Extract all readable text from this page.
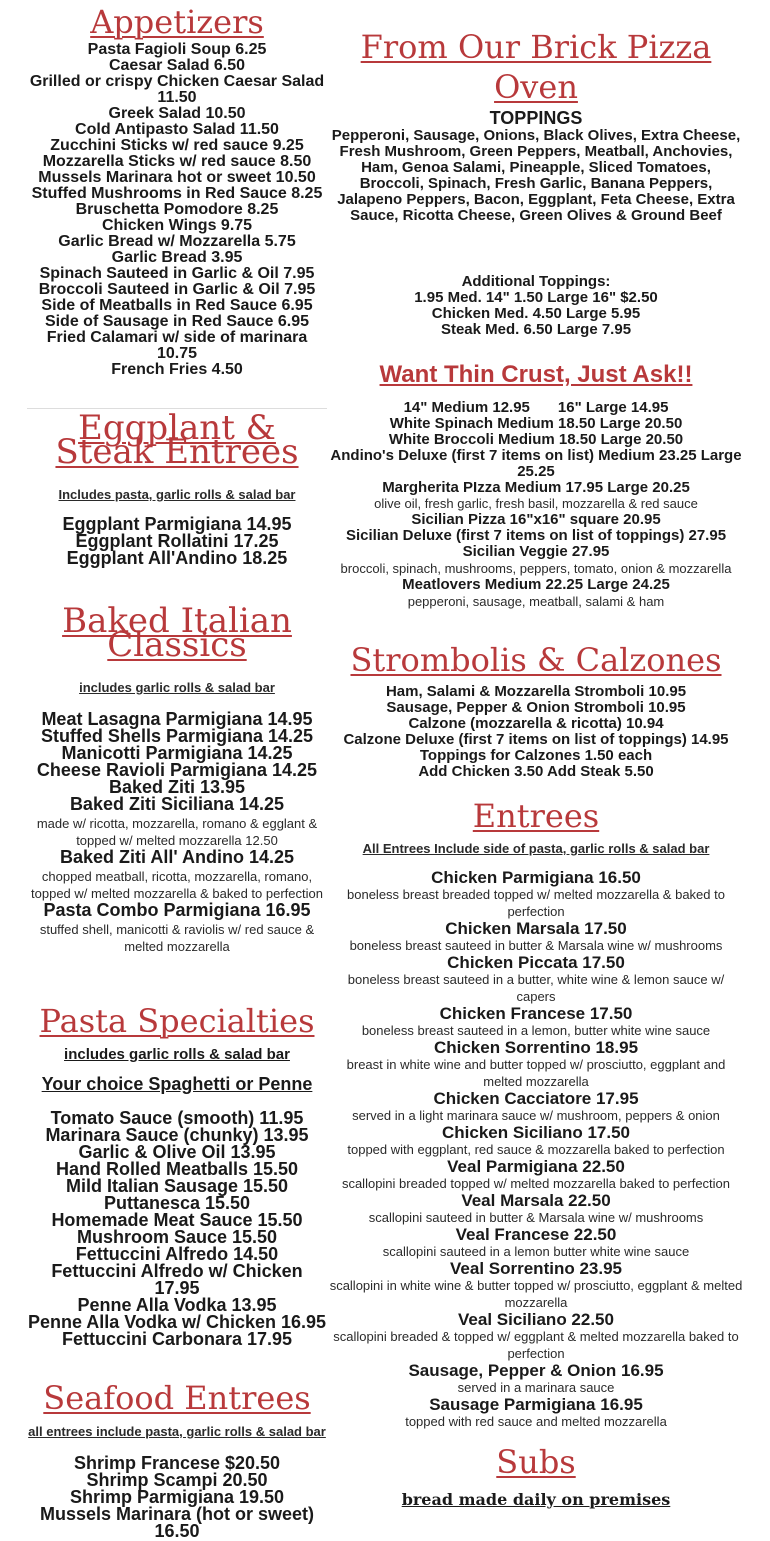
Appetizers
Pasta Fagioli Soup 6.25
Caesar Salad 6.50
Grilled or crispy Chicken Caesar Salad 11.50
Greek Salad 10.50
Cold Antipasto Salad 11.50
Zucchini Sticks w/ red sauce 9.25
Mozzarella Sticks w/ red sauce 8.50
Mussels Marinara hot or sweet 10.50
Stuffed Mushrooms in Red Sauce 8.25
Bruschetta Pomodore 8.25
Chicken Wings 9.75
Garlic Bread w/ Mozzarella 5.75
Garlic Bread 3.95
Spinach Sauteed in Garlic & Oil 7.95
Broccoli Sauteed in Garlic & Oil 7.95
Side of Meatballs in Red Sauce 6.95
Side of Sausage in Red Sauce 6.95
Fried Calamari w/ side of marinara 10.75
French Fries 4.50
Eggplant & Steak Entrees
Includes pasta, garlic rolls & salad bar
Eggplant Parmigiana 14.95
Eggplant Rollatini 17.25
Eggplant All'Andino 18.25
Baked Italian Classics
includes garlic rolls & salad bar
Meat Lasagna Parmigiana 14.95
Stuffed Shells Parmigiana 14.25
Manicotti Parmigiana 14.25
Cheese Ravioli Parmigiana 14.25
Baked Ziti 13.95
Baked Ziti Siciliana 14.25
made w/ ricotta, mozzarella, romano & egglant & topped w/ melted mozzarella 12.50
Baked Ziti All' Andino 14.25
chopped meatball, ricotta, mozzarella, romano, topped w/ melted mozzarella & baked to perfection
Pasta Combo Parmigiana 16.95
stuffed shell, manicotti & raviolis w/ red sauce & melted mozzarella
Pasta Specialties
includes garlic rolls & salad bar
Your choice Spaghetti or Penne
Tomato Sauce (smooth) 11.95
Marinara Sauce (chunky) 13.95
Garlic & Olive Oil 13.95
Hand Rolled Meatballs 15.50
Mild Italian Sausage 15.50
Puttanesca 15.50
Homemade Meat Sauce 15.50
Mushroom Sauce 15.50
Fettuccini Alfredo 14.50
Fettuccini Alfredo w/ Chicken 17.95
Penne Alla Vodka 13.95
Penne Alla Vodka w/ Chicken 16.95
Fettuccini Carbonara 17.95
Seafood Entrees
all entrees include pasta, garlic rolls & salad bar
Shrimp Francese $20.50
Shrimp Scampi 20.50
Shrimp Parmigiana 19.50
Mussels Marinara (hot or sweet) 16.50
From Our Brick Pizza Oven
TOPPINGS
Pepperoni, Sausage, Onions, Black Olives, Extra Cheese, Fresh Mushroom, Green Peppers, Meatball, Anchovies, Ham, Genoa Salami, Pineapple, Sliced Tomatoes, Broccoli, Spinach, Fresh Garlic, Banana Peppers, Jalapeno Peppers, Bacon, Eggplant, Feta Cheese, Extra Sauce, Ricotta Cheese, Green Olives & Ground Beef
Additional Toppings:
1.95 Med. 14" 1.50 Large 16" $2.50
Chicken Med. 4.50 Large 5.95
Steak Med. 6.50 Large 7.95
Want Thin Crust, Just Ask!!
14" Medium 12.95 16" Large 14.95
White Spinach Medium 18.50 Large 20.50
White Broccoli Medium 18.50 Large 20.50
Andino's Deluxe (first 7 items on list) Medium 23.25 Large 25.25
Margherita PIzza Medium 17.95 Large 20.25
olive oil, fresh garlic, fresh basil, mozzarella & red sauce
Sicilian Pizza 16"x16" square 20.95
Sicilian Deluxe (first 7 items on list of toppings) 27.95
Sicilian Veggie 27.95
broccoli, spinach, mushrooms, peppers, tomato, onion & mozzarella
Meatlovers Medium 22.25 Large 24.25
pepperoni, sausage, meatball, salami & ham
Strombolis & Calzones
Ham, Salami & Mozzarella Stromboli 10.95
Sausage, Pepper & Onion Stromboli 10.95
Calzone (mozzarella & ricotta) 10.94
Calzone Deluxe (first 7 items on list of toppings) 14.95
Toppings for Calzones 1.50 each
Add Chicken 3.50 Add Steak 5.50
Entrees
All Entrees Include side of pasta, garlic rolls & salad bar
Chicken Parmigiana 16.50
boneless breast breaded topped w/ melted mozzarella & baked to perfection
Chicken Marsala 17.50
boneless breast sauteed in butter & Marsala wine w/ mushrooms
Chicken Piccata 17.50
boneless breast sauteed in a butter, white wine & lemon sauce w/ capers
Chicken Francese 17.50
boneless breast sauteed in a lemon, butter white wine sauce
Chicken Sorrentino 18.95
breast in white wine and butter topped w/ prosciutto, eggplant and melted mozzarella
Chicken Cacciatore 17.95
served in a light marinara sauce w/ mushroom, peppers & onion
Chicken Siciliano 17.50
topped with eggplant, red sauce & mozzarella baked to perfection
Veal Parmigiana 22.50
scallopini breaded topped w/ melted mozzarella baked to perfection
Veal Marsala 22.50
scallopini sauteed in butter & Marsala wine w/ mushrooms
Veal Francese 22.50
scallopini sauteed in a lemon butter white wine sauce
Veal Sorrentino 23.95
scallopini in white wine & butter topped w/ prosciutto, eggplant & melted mozzarella
Veal Siciliano 22.50
scallopini breaded & topped w/ eggplant & melted mozzarella baked to perfection
Sausage, Pepper & Onion 16.95
served in a marinara sauce
Sausage Parmigiana 16.95
topped with red sauce and melted mozzarella
Subs
bread made daily on premises
